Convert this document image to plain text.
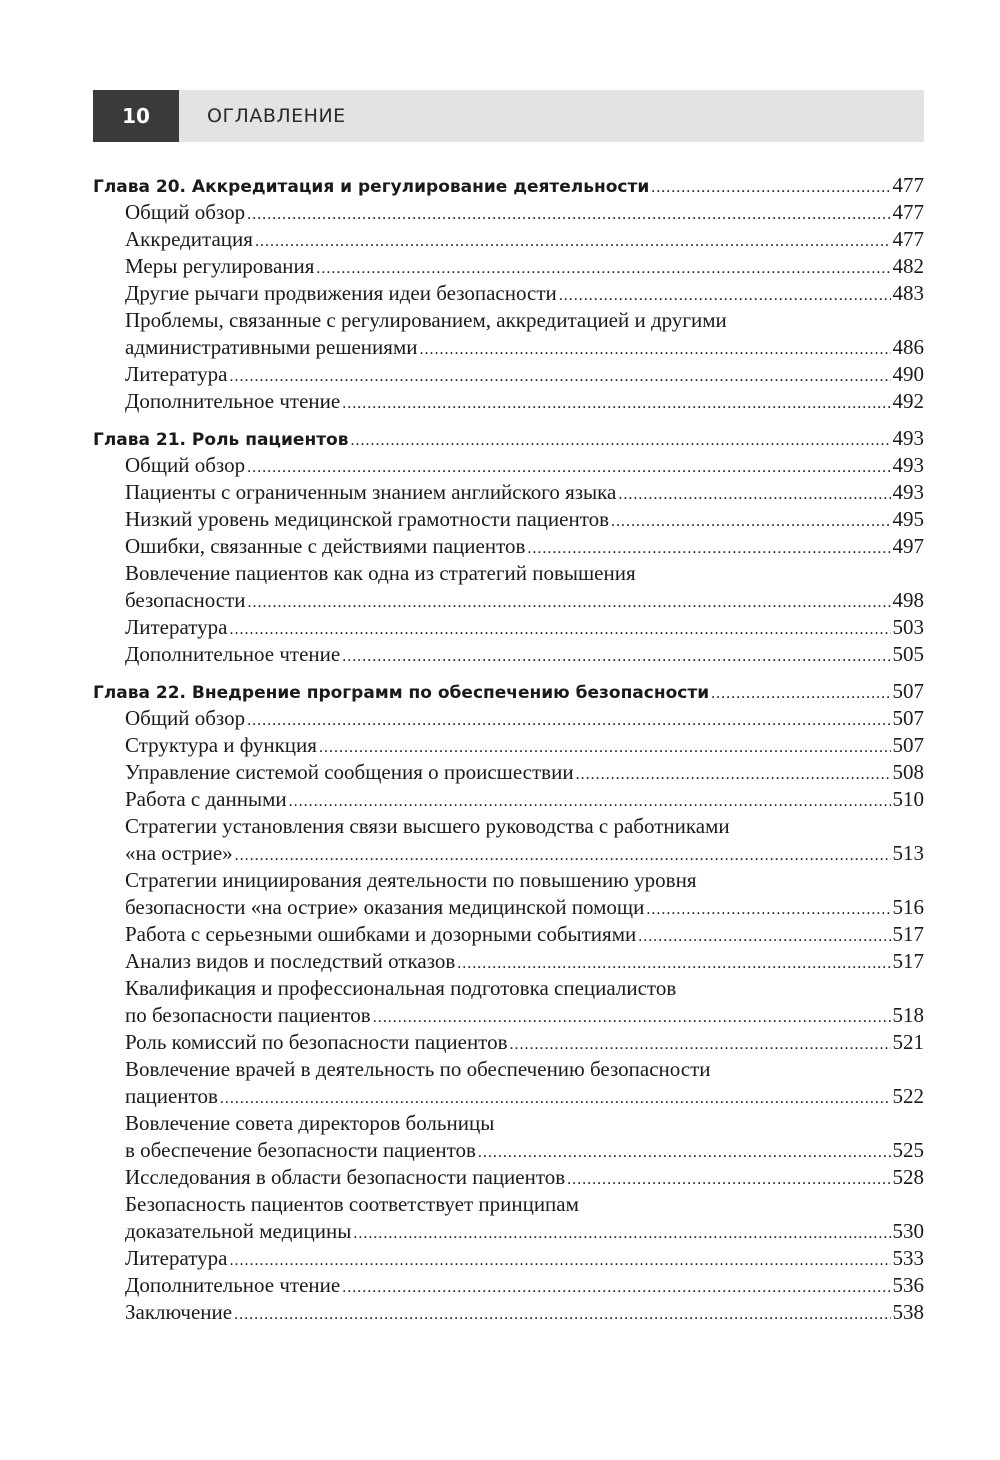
10	ОГЛАВЛЕНИЕ
Глава 20. Аккредитация и регулирование деятельности .....	477
Общий обзор .....	477
Аккредитация .....	477
Меры регулирования .....	482
Другие рычаги продвижения идеи безопасности .....	483
Проблемы, связанные с регулированием, аккредитацией и другими
административными решениями .....	486
Литература .....	490
Дополнительное чтение .....	492
Глава 21. Роль пациентов .....	493
Общий обзор .....	493
Пациенты с ограниченным знанием английского языка .....	493
Низкий уровень медицинской грамотности пациентов .....	495
Ошибки, связанные с действиями пациентов .....	497
Вовлечение пациентов как одна из стратегий повышения
безопасности .....	498
Литература .....	503
Дополнительное чтение .....	505
Глава 22. Внедрение программ по обеспечению безопасности .....	507
Общий обзор .....	507
Структура и функция .....	507
Управление системой сообщения о происшествии .....	508
Работа с данными .....	510
Стратегии установления связи высшего руководства с работниками
«на острие» .....	513
Стратегии инициирования деятельности по повышению уровня
безопасности «на острие» оказания медицинской помощи .....	516
Работа с серьезными ошибками и дозорными событиями .....	517
Анализ видов и последствий отказов .....	517
Квалификация и профессиональная подготовка специалистов
по безопасности пациентов .....	518
Роль комиссий по безопасности пациентов .....	521
Вовлечение врачей в деятельность по обеспечению безопасности
пациентов .....	522
Вовлечение совета директоров больницы
в обеспечение безопасности пациентов .....	525
Исследования в области безопасности пациентов .....	528
Безопасность пациентов соответствует принципам
доказательной медицины .....	530
Литература .....	533
Дополнительное чтение .....	536
Заключение .....	538
